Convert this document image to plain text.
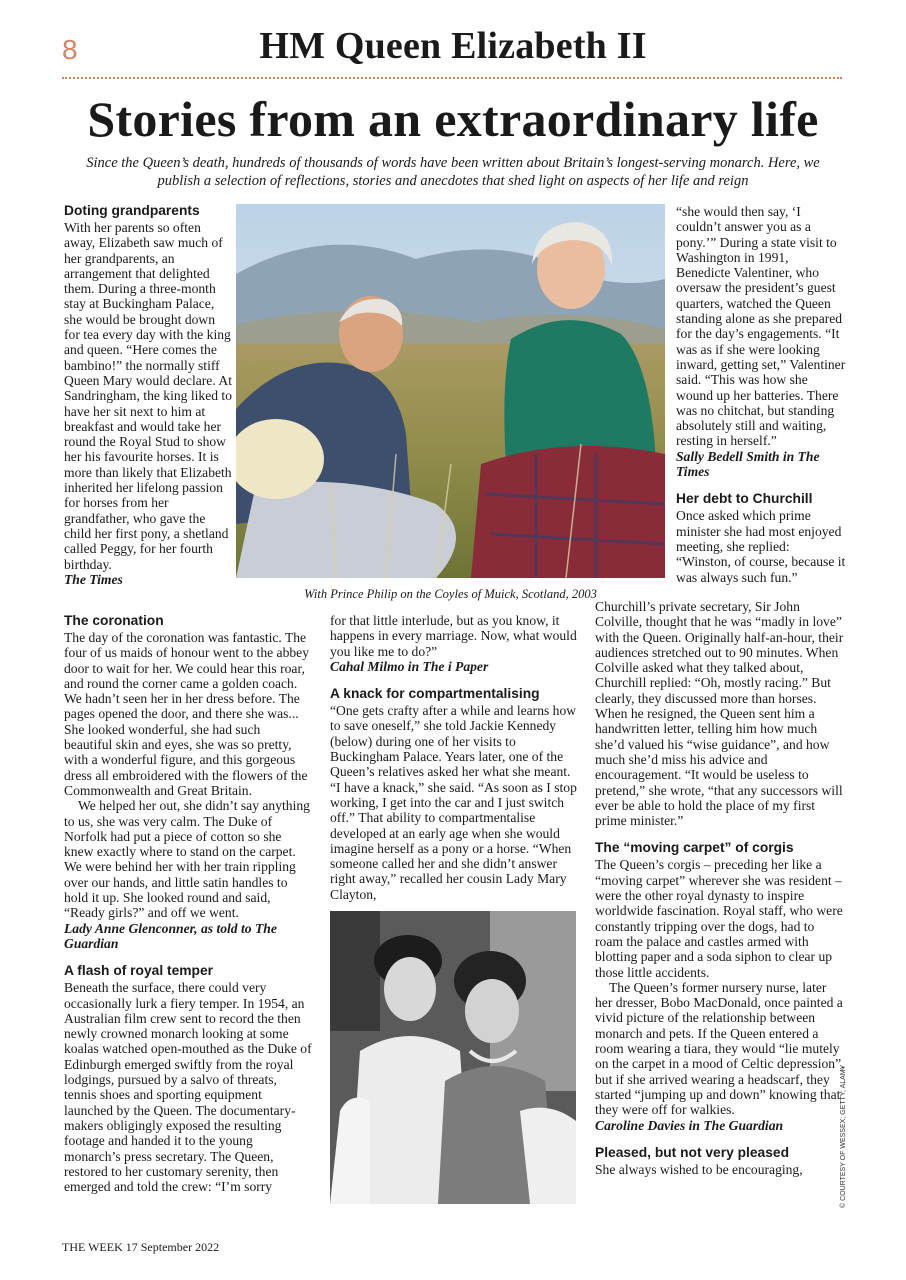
8	HM Queen Elizabeth II
Stories from an extraordinary life
Since the Queen’s death, hundreds of thousands of words have been written about Britain’s longest-serving monarch. Here, we publish a selection of reflections, stories and anecdotes that shed light on aspects of her life and reign
Doting grandparents

With her parents so often away, Elizabeth saw much of her grandparents, an arrangement that delighted them. During a three-month stay at Buckingham Palace, she would be brought down for tea every day with the king and queen. “Here comes the bambino!” the normally stiff Queen Mary would declare. At Sandringham, the king liked to have her sit next to him at breakfast and would take her round the Royal Stud to show her his favourite horses. It is more than likely that Elizabeth inherited her lifelong passion for horses from her grandfather, who gave the child her first pony, a shetland called Peggy, for her fourth birthday.

The Times

With Prince Philip on the Coyles of Muick, Scotland, 2003

“she would then say, ‘I couldn’t answer you as a pony.’” During a state visit to Washington in 1991, Benedicte Valentiner, who oversaw the president’s guest quarters, watched the Queen standing alone as she prepared for the day’s engagements. “It was as if she were looking inward, getting set,” Valentiner said. “This was how she wound up her batteries. There was no chitchat, but standing absolutely still and waiting, resting in herself.”

Sally Bedell Smith in The Times

Her debt to Churchill

Once asked which prime minister she had most enjoyed meeting, she replied: “Winston, of course, because it was always such fun.”

The coronation

The day of the coronation was fantastic. The four of us maids of honour went to the abbey door to wait for her. We could hear this roar, and round the corner came a golden coach. We hadn’t seen her in her dress before. The pages opened the door, and there she was... She looked wonderful, she had such beautiful skin and eyes, she was so pretty, with a wonderful figure, and this gorgeous dress all embroidered with the flowers of the Commonwealth and Great Britain.

We helped her out, she didn’t say anything to us, she was very calm. The Duke of Norfolk had put a piece of cotton so she knew exactly where to stand on the carpet. We were behind her with her train rippling over our hands, and little satin handles to hold it up. She looked round and said, “Ready girls?” and off we went.

Lady Anne Glenconner, as told to The Guardian

A flash of royal temper

Beneath the surface, there could very occasionally lurk a fiery temper. In 1954, an Australian film crew sent to record the then newly crowned monarch looking at some koalas watched open-mouthed as the Duke of Edinburgh emerged swiftly from the royal lodgings, pursued by a salvo of threats, tennis shoes and sporting equipment launched by the Queen. The documentary-makers obligingly exposed the resulting footage and handed it to the young monarch’s press secretary. The Queen, restored to her customary serenity, then emerged and told the crew: “I’m sorry

for that little interlude, but as you know, it happens in every marriage. Now, what would you like me to do?”

Cahal Milmo in The i Paper

A knack for compartmentalising

“One gets crafty after a while and learns how to save oneself,” she told Jackie Kennedy (below) during one of her visits to Buckingham Palace. Years later, one of the Queen’s relatives asked her what she meant. “I have a knack,” she said. “As soon as I stop working, I get into the car and I just switch off.” That ability to compartmentalise developed at an early age when she would imagine herself as a pony or a horse. “When someone called her and she didn’t answer right away,” recalled her cousin Lady Mary Clayton,

Churchill’s private secretary, Sir John Colville, thought that he was “madly in love” with the Queen. Originally half-an-hour, their audiences stretched out to 90 minutes. When Colville asked what they talked about, Churchill replied: “Oh, mostly racing.” But clearly, they discussed more than horses. When he resigned, the Queen sent him a handwritten letter, telling him how much she’d valued his “wise guidance”, and how much she’d miss his advice and encouragement. “It would be useless to pretend,” she wrote, “that any successors will ever be able to hold the place of my first prime minister.”

The “moving carpet” of corgis

The Queen’s corgis – preceding her like a “moving carpet” wherever she was resident – were the other royal dynasty to inspire worldwide fascination. Royal staff, who were constantly tripping over the dogs, had to roam the palace and castles armed with blotting paper and a soda siphon to clear up those little accidents.

The Queen’s former nursery nurse, later her dresser, Bobo MacDonald, once painted a vivid picture of the relationship between monarch and pets. If the Queen entered a room wearing a tiara, they would “lie mutely on the carpet in a mood of Celtic depression”, but if she arrived wearing a headscarf, they started “jumping up and down” knowing that they were off for walkies.

Caroline Davies in The Guardian

Pleased, but not very pleased

She always wished to be encouraging,	© COURTESY OF WESSEX; GETTY; ALAMY
THE WEEK 17 September 2022
